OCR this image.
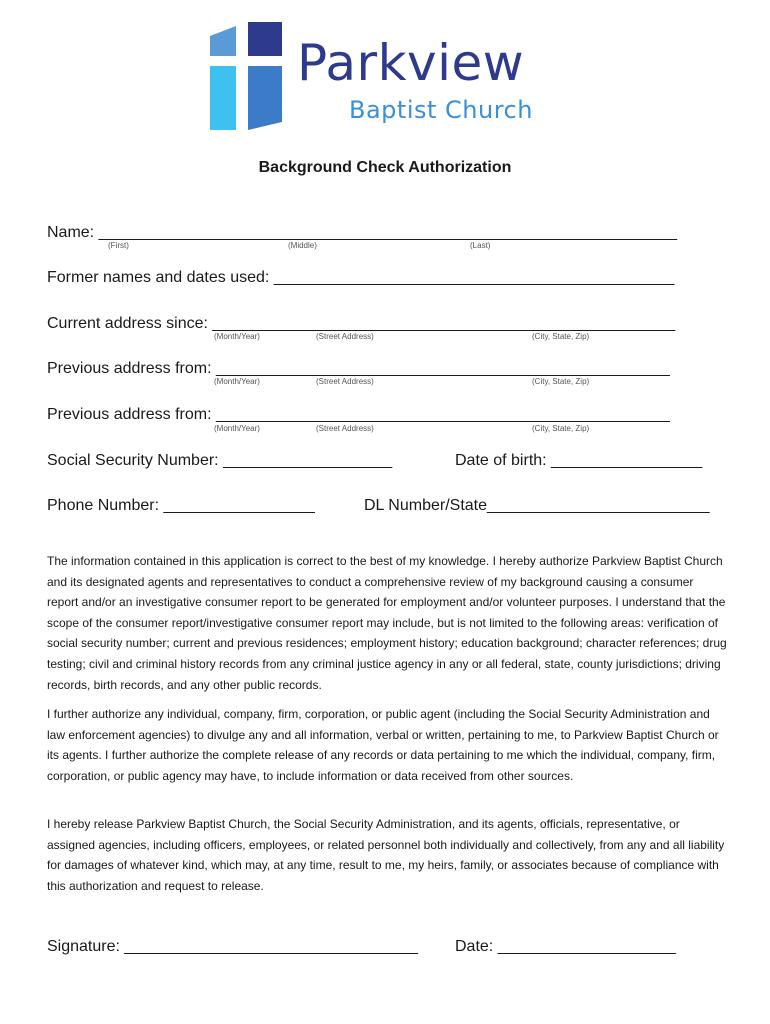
Parkview
Baptist Church
Background Check Authorization
Name: _________________________________________________________________
(First)	(Middle)	(Last)
Former names and dates used: _____________________________________________
Current address since: ____________________________________________________
(Month/Year)	(Street Address)	(City, State, Zip)
Previous address from: ___________________________________________________
(Month/Year)	(Street Address)	(City, State, Zip)
Previous address from: ___________________________________________________
(Month/Year)	(Street Address)	(City, State, Zip)
Social Security Number: ___________________	Date of birth: _________________
Phone Number: _________________	DL Number/State_________________________

The information contained in this application is correct to the best of my knowledge. I hereby authorize Parkview Baptist Church and its designated agents and representatives to conduct a comprehensive review of my background causing a consumer report and/or an investigative consumer report to be generated for employment and/or volunteer purposes. I understand that the scope of the consumer report/investigative consumer report may include, but is not limited to the following areas: verification of social security number; current and previous residences; employment history; education background; character references; drug testing; civil and criminal history records from any criminal justice agency in any or all federal, state, county jurisdictions; driving records, birth records, and any other public records.

I further authorize any individual, company, firm, corporation, or public agent (including the Social Security Administration and law enforcement agencies) to divulge any and all information, verbal or written, pertaining to me, to Parkview Baptist Church or its agents. I further authorize the complete release of any records or data pertaining to me which the individual, company, firm, corporation, or public agency may have, to include information or data received from other sources.

I hereby release Parkview Baptist Church, the Social Security Administration, and its agents, officials, representative, or assigned agencies, including officers, employees, or related personnel both individually and collectively, from any and all liability for damages of whatever kind, which may, at any time, result to me, my heirs, family, or associates because of compliance with this authorization and request to release.

Signature: _________________________________ Date: ____________________
